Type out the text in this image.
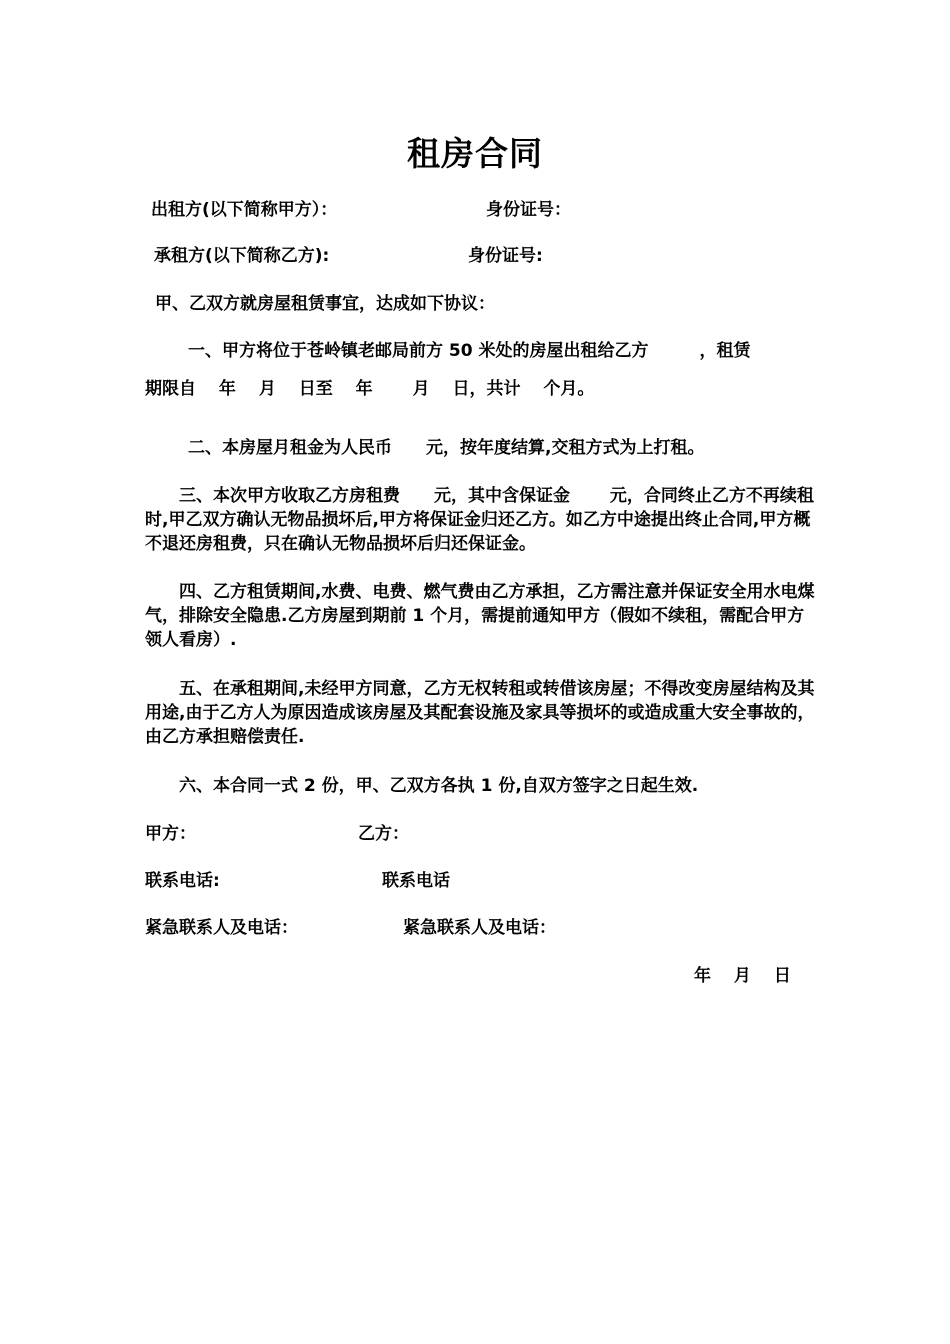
租房合同
出租方(以下简称甲方）：	身份证号：
承租方(以下简称乙方):	身份证号:
甲、乙双方就房屋租赁事宜，达成如下协议：
一、甲方将位于苍岭镇老邮局前方 50 米处的房屋出租给乙方　　　，租赁
期限自　 年　 月　 日至　 年　　 月　 日，共计　 个月。
二、本房屋月租金为人民币　　元，按年度结算,交租方式为上打租。
　　三、本次甲方收取乙方房租费　　元，其中含保证金　　 元，合同终止乙方不再续租时,甲乙双方确认无物品损坏后,甲方将保证金归还乙方。如乙方中途提出终止合同,甲方概不退还房租费，只在确认无物品损坏后归还保证金。
　　四、乙方租赁期间,水费、电费、燃气费由乙方承担，乙方需注意并保证安全用水电煤气，排除安全隐患.乙方房屋到期前 1 个月，需提前通知甲方（假如不续租，需配合甲方领人看房）.
　　五、在承租期间,未经甲方同意，乙方无权转租或转借该房屋；不得改变房屋结构及其用途,由于乙方人为原因造成该房屋及其配套设施及家具等损坏的或造成重大安全事故的，由乙方承担赔偿责任.
　　六、本合同一式 2 份，甲、乙双方各执 1 份,自双方签字之日起生效.
甲方：	乙方：
联系电话:	联系电话
紧急联系人及电话：	紧急联系人及电话：
年　 月　 日
